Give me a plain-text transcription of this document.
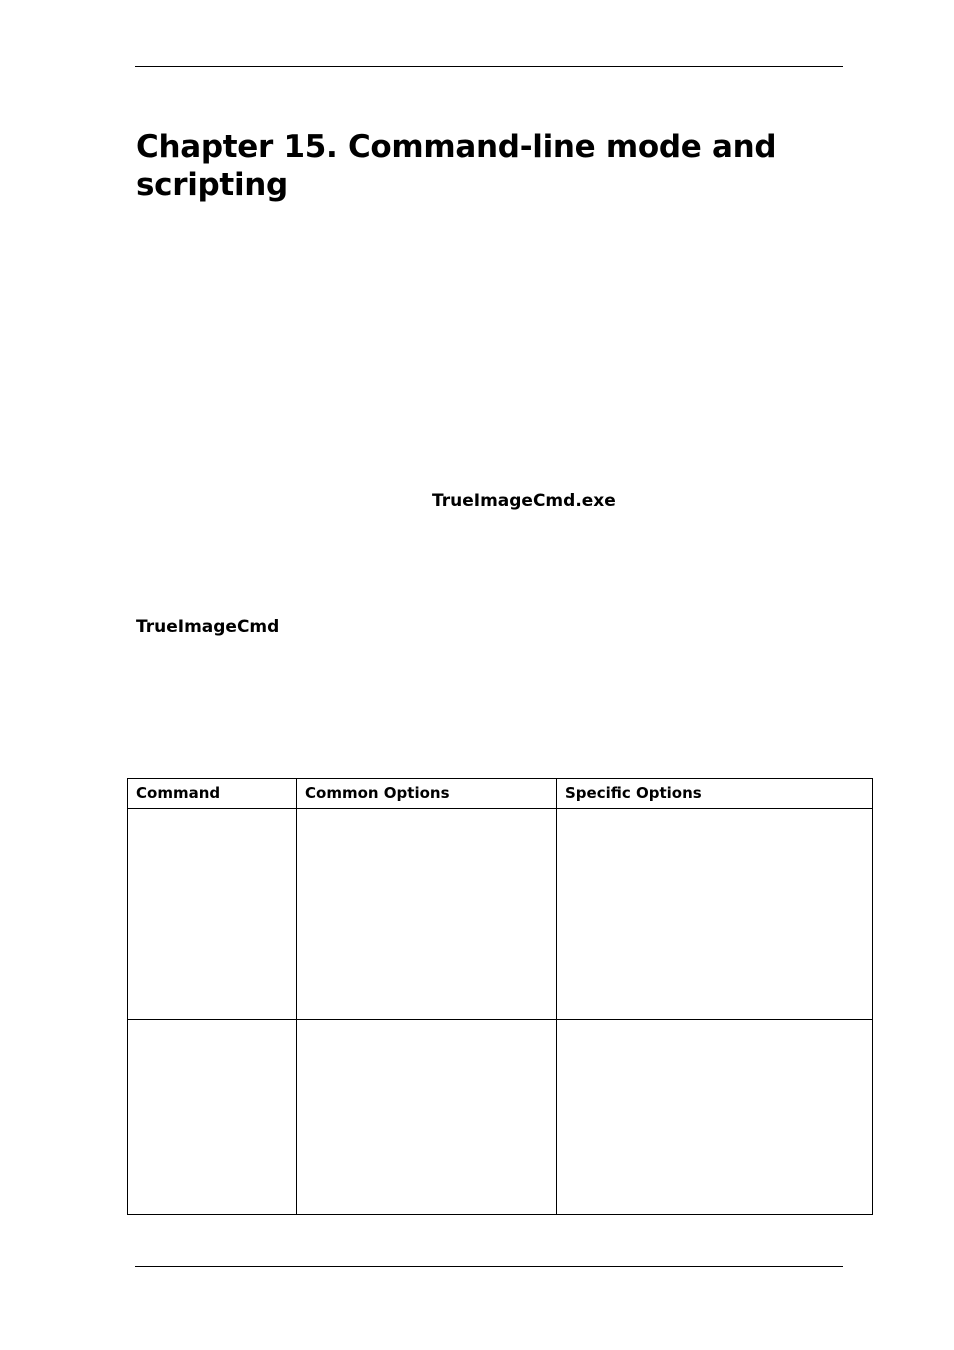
Chapter 15. Command-line mode and scripting
TrueImageCmd.exe
TrueImageCmd
Command	Common Options	Specific Options
